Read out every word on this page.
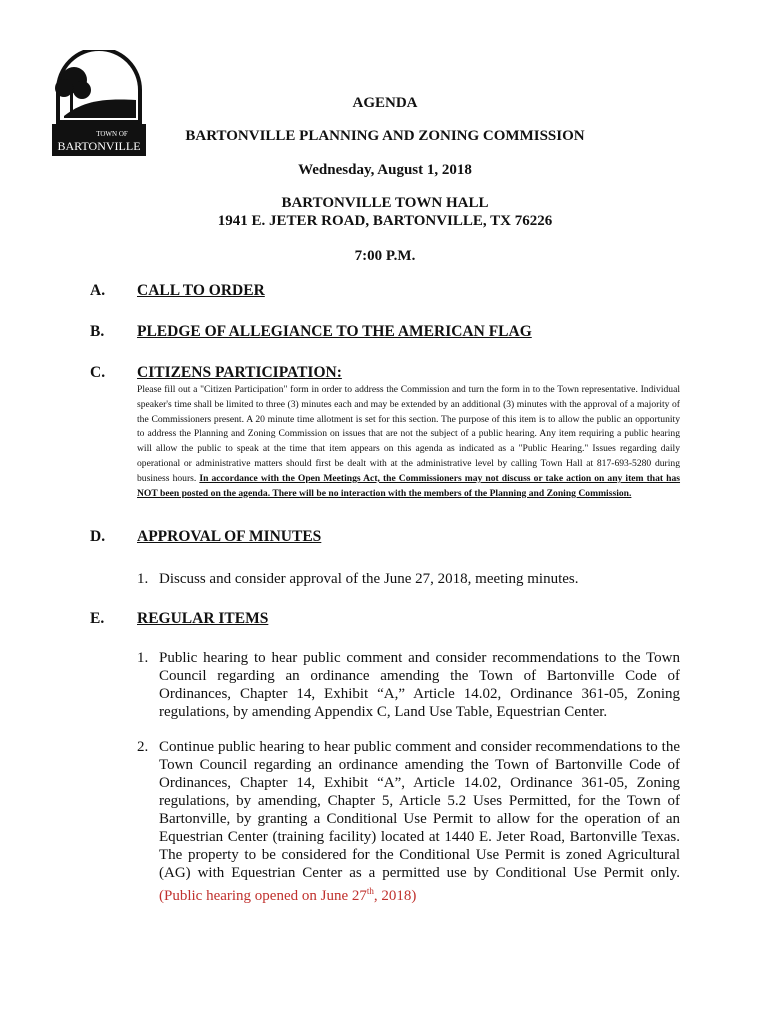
TOWN OF
BARTONVILLE
AGENDA
BARTONVILLE PLANNING AND ZONING COMMISSION
Wednesday, August 1, 2018
BARTONVILLE TOWN HALL
1941 E. JETER ROAD, BARTONVILLE, TX 76226
7:00 P.M.
A. CALL TO ORDER
B. PLEDGE OF ALLEGIANCE TO THE AMERICAN FLAG
C. CITIZENS PARTICIPATION:
Please fill out a "Citizen Participation" form in order to address the Commission and turn the form in to the Town representative. Individual speaker's time shall be limited to three (3) minutes each and may be extended by an additional (3) minutes with the approval of a majority of the Commissioners present. A 20 minute time allotment is set for this section. The purpose of this item is to allow the public an opportunity to address the Planning and Zoning Commission on issues that are not the subject of a public hearing. Any item requiring a public hearing will allow the public to speak at the time that item appears on this agenda as indicated as a "Public Hearing." Issues regarding daily operational or administrative matters should first be dealt with at the administrative level by calling Town Hall at 817-693-5280 during business hours. In accordance with the Open Meetings Act, the Commissioners may not discuss or take action on any item that has NOT been posted on the agenda. There will be no interaction with the members of the Planning and Zoning Commission.
D. APPROVAL OF MINUTES
1. Discuss and consider approval of the June 27, 2018, meeting minutes.
E. REGULAR ITEMS
1. Public hearing to hear public comment and consider recommendations to the Town Council regarding an ordinance amending the Town of Bartonville Code of Ordinances, Chapter 14, Exhibit “A,” Article 14.02, Ordinance 361-05, Zoning regulations, by amending Appendix C, Land Use Table, Equestrian Center.
2. Continue public hearing to hear public comment and consider recommendations to the Town Council regarding an ordinance amending the Town of Bartonville Code of Ordinances, Chapter 14, Exhibit “A”, Article 14.02, Ordinance 361-05, Zoning regulations, by amending, Chapter 5, Article 5.2 Uses Permitted, for the Town of Bartonville, by granting a Conditional Use Permit to allow for the operation of an Equestrian Center (training facility) located at 1440 E. Jeter Road, Bartonville Texas. The property to be considered for the Conditional Use Permit is zoned Agricultural (AG) with Equestrian Center as a permitted use by Conditional Use Permit only. (Public hearing opened on June 27th, 2018)
